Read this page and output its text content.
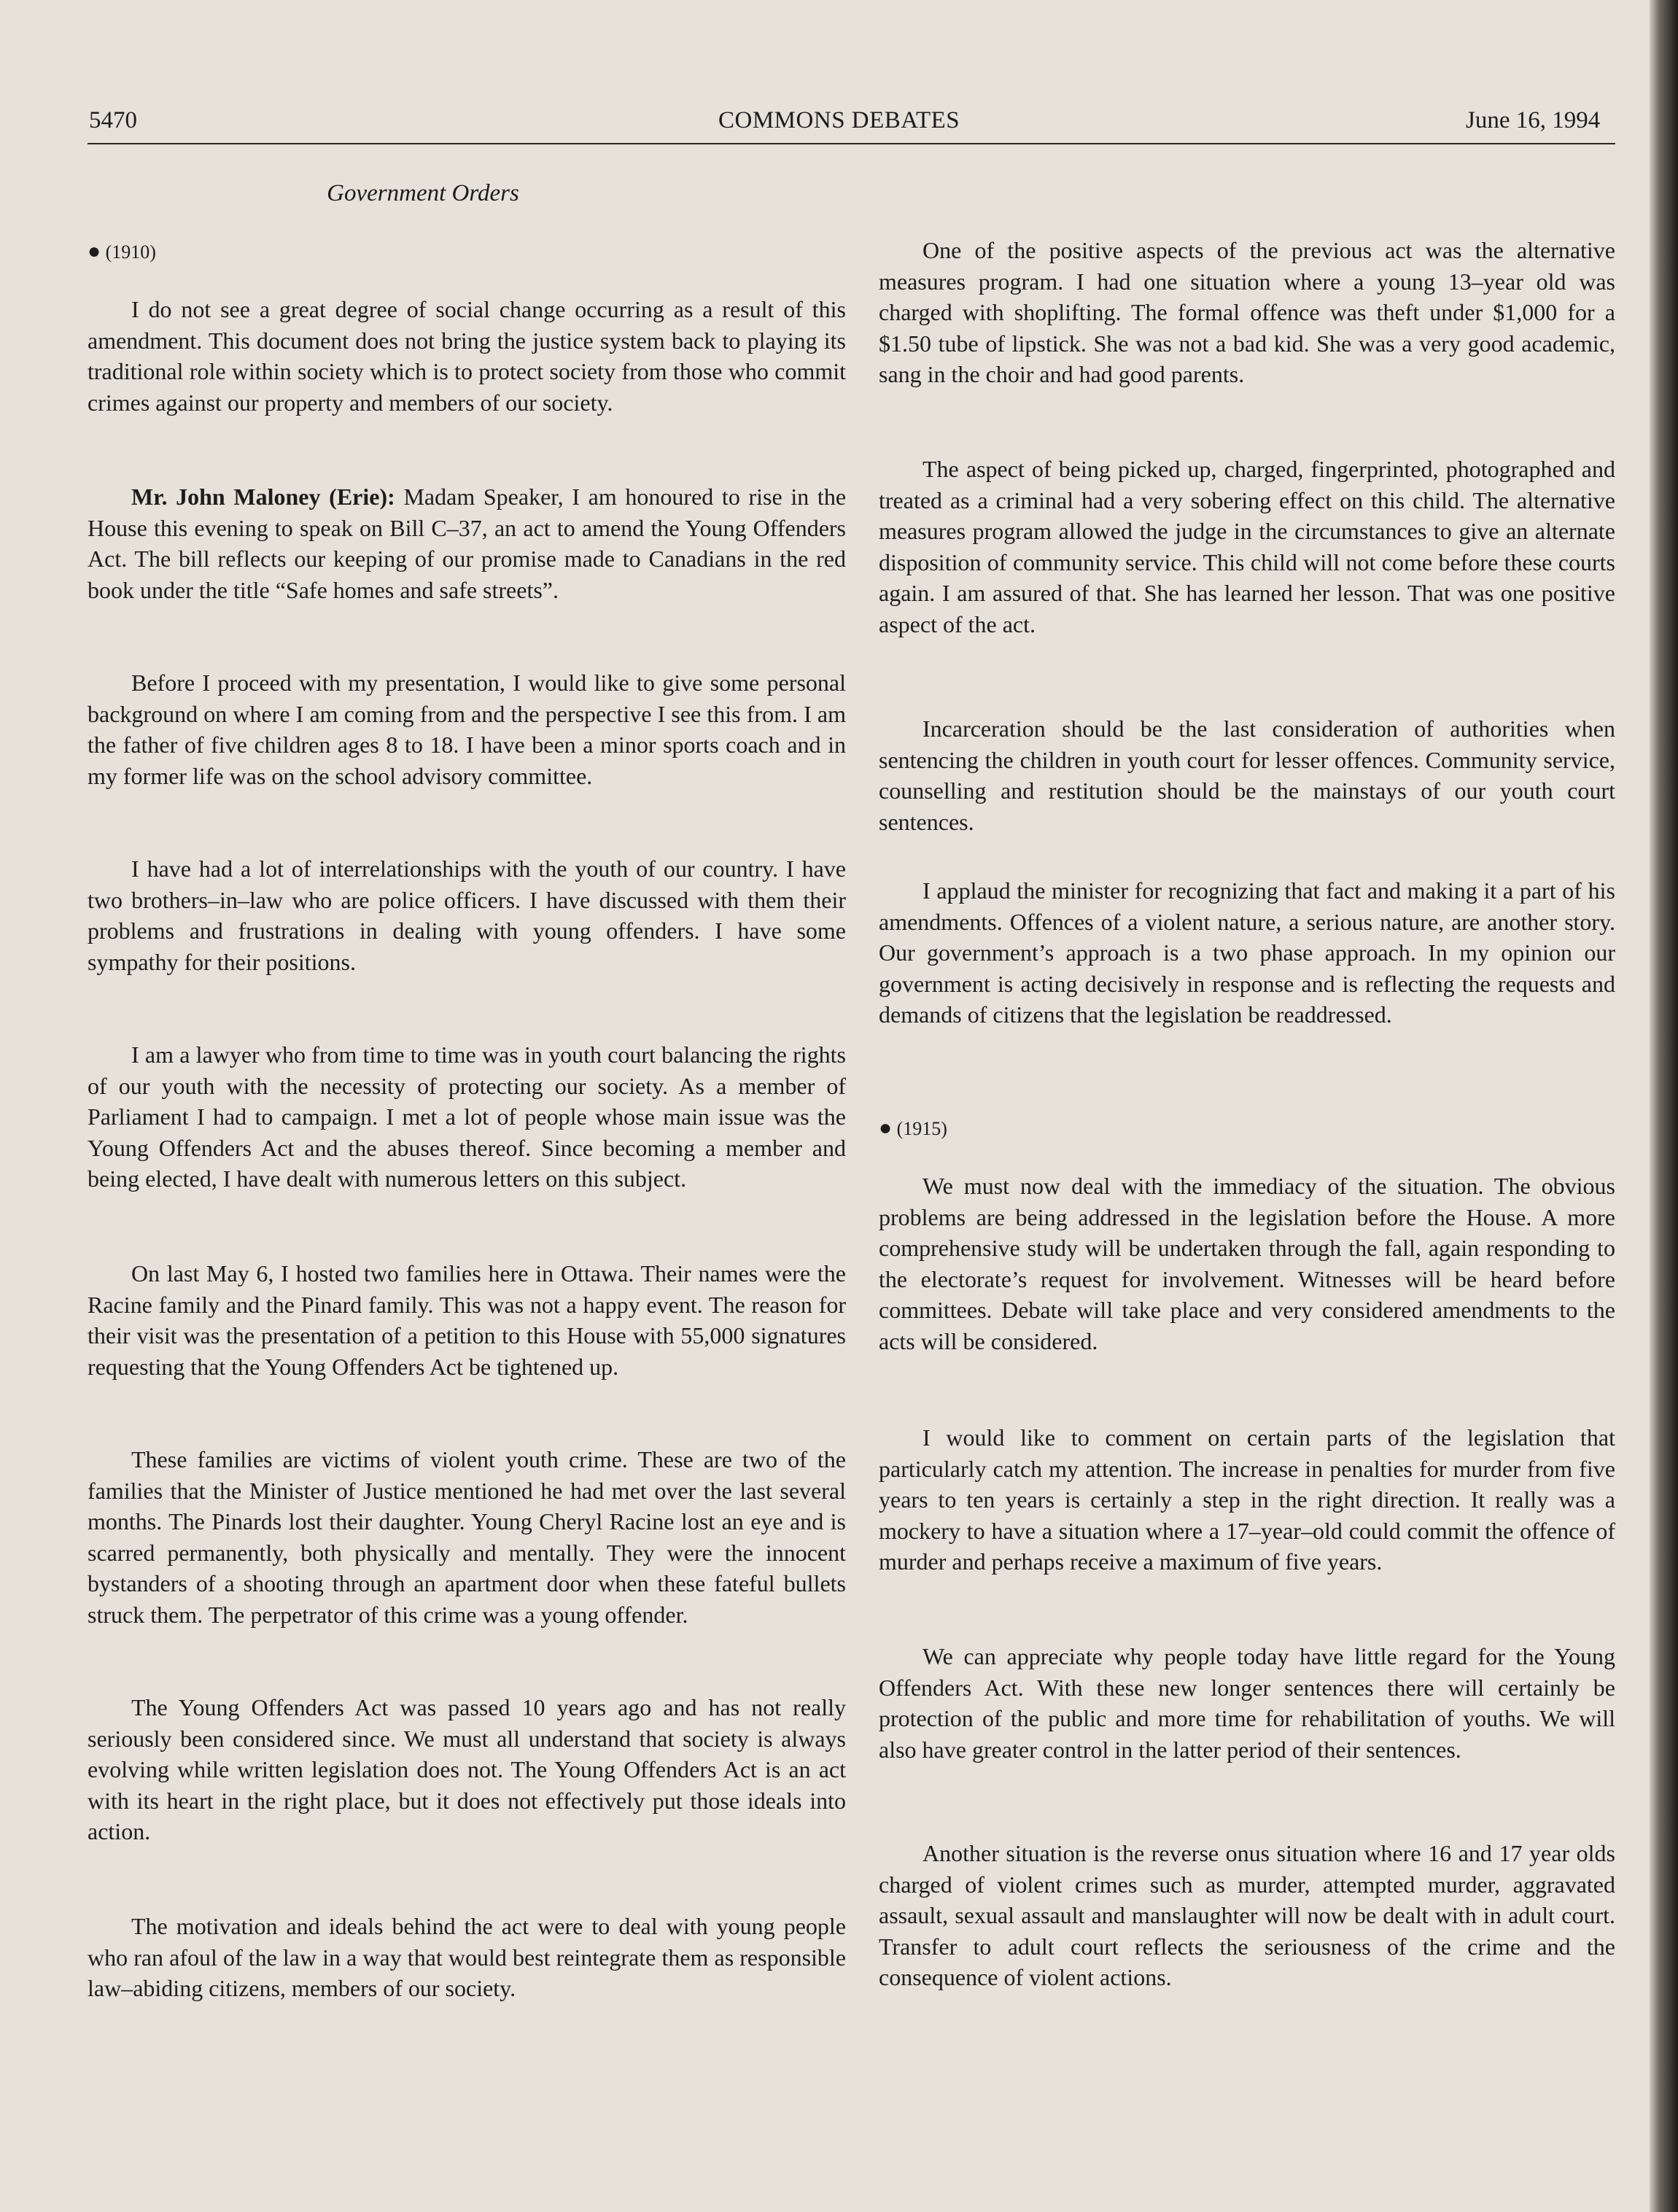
5470	COMMONS DEBATES	June 16, 1994
Government Orders
● (1910)

I do not see a great degree of social change occurring as a result of this amendment. This document does not bring the justice system back to playing its traditional role within society which is to protect society from those who commit crimes against our property and members of our society.

Mr. John Maloney (Erie): Madam Speaker, I am honoured to rise in the House this evening to speak on Bill C–37, an act to amend the Young Offenders Act. The bill reflects our keeping of our promise made to Canadians in the red book under the title “Safe homes and safe streets”.

Before I proceed with my presentation, I would like to give some personal background on where I am coming from and the perspective I see this from. I am the father of five children ages 8 to 18. I have been a minor sports coach and in my former life was on the school advisory committee.

I have had a lot of interrelationships with the youth of our country. I have two brothers–in–law who are police officers. I have discussed with them their problems and frustrations in dealing with young offenders. I have some sympathy for their positions.

I am a lawyer who from time to time was in youth court balancing the rights of our youth with the necessity of protecting our society. As a member of Parliament I had to campaign. I met a lot of people whose main issue was the Young Offenders Act and the abuses thereof. Since becoming a member and being elected, I have dealt with numerous letters on this subject.

On last May 6, I hosted two families here in Ottawa. Their names were the Racine family and the Pinard family. This was not a happy event. The reason for their visit was the presentation of a petition to this House with 55,000 signatures requesting that the Young Offenders Act be tightened up.

These families are victims of violent youth crime. These are two of the families that the Minister of Justice mentioned he had met over the last several months. The Pinards lost their daughter. Young Cheryl Racine lost an eye and is scarred permanently, both physically and mentally. They were the innocent bystanders of a shooting through an apartment door when these fateful bullets struck them. The perpetrator of this crime was a young offender.

The Young Offenders Act was passed 10 years ago and has not really seriously been considered since. We must all understand that society is always evolving while written legislation does not. The Young Offenders Act is an act with its heart in the right place, but it does not effectively put those ideals into action.

The motivation and ideals behind the act were to deal with young people who ran afoul of the law in a way that would best reintegrate them as responsible law–abiding citizens, members of our society.

One of the positive aspects of the previous act was the alternative measures program. I had one situation where a young 13–year old was charged with shoplifting. The formal offence was theft under $1,000 for a $1.50 tube of lipstick. She was not a bad kid. She was a very good academic, sang in the choir and had good parents.

The aspect of being picked up, charged, fingerprinted, photographed and treated as a criminal had a very sobering effect on this child. The alternative measures program allowed the judge in the circumstances to give an alternate disposition of community service. This child will not come before these courts again. I am assured of that. She has learned her lesson. That was one positive aspect of the act.

Incarceration should be the last consideration of authorities when sentencing the children in youth court for lesser offences. Community service, counselling and restitution should be the mainstays of our youth court sentences.

I applaud the minister for recognizing that fact and making it a part of his amendments. Offences of a violent nature, a serious nature, are another story. Our government’s approach is a two phase approach. In my opinion our government is acting decisively in response and is reflecting the requests and demands of citizens that the legislation be readdressed.

● (1915)

We must now deal with the immediacy of the situation. The obvious problems are being addressed in the legislation before the House. A more comprehensive study will be undertaken through the fall, again responding to the electorate’s request for involvement. Witnesses will be heard before committees. Debate will take place and very considered amendments to the acts will be considered.

I would like to comment on certain parts of the legislation that particularly catch my attention. The increase in penalties for murder from five years to ten years is certainly a step in the right direction. It really was a mockery to have a situation where a 17–year–old could commit the offence of murder and perhaps receive a maximum of five years.

We can appreciate why people today have little regard for the Young Offenders Act. With these new longer sentences there will certainly be protection of the public and more time for rehabilitation of youths. We will also have greater control in the latter period of their sentences.

Another situation is the reverse onus situation where 16 and 17 year olds charged of violent crimes such as murder, attempted murder, aggravated assault, sexual assault and manslaughter will now be dealt with in adult court. Transfer to adult court reflects the seriousness of the crime and the consequence of violent actions.
